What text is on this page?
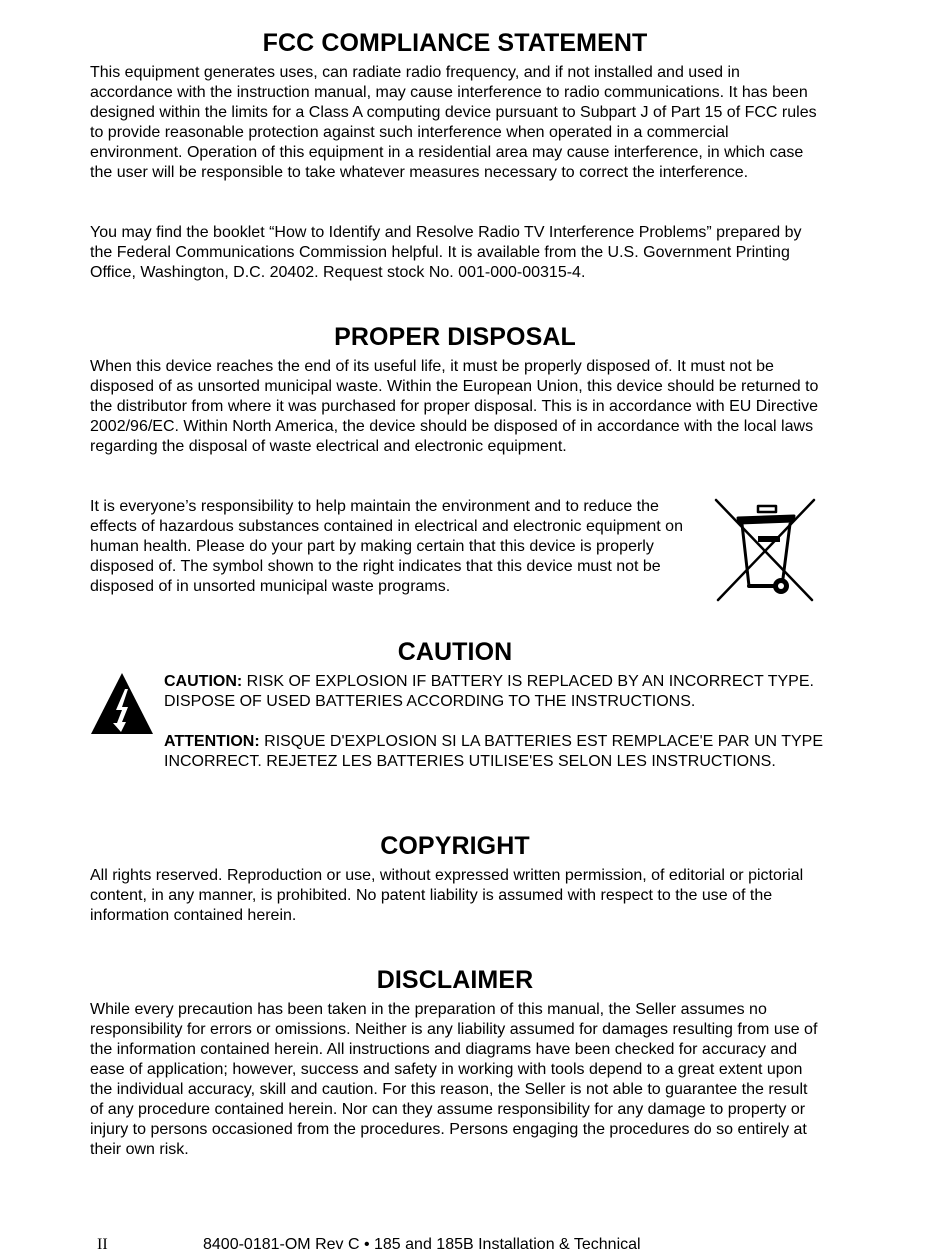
FCC COMPLIANCE STATEMENT

This equipment generates uses, can radiate radio frequency, and if not installed and used in accordance with the instruction manual, may cause interference to radio communications. It has been designed within the limits for a Class A computing device pursuant to Subpart J of Part 15 of FCC rules to provide reasonable protection against such interference when operated in a commercial environment. Operation of this equipment in a residential area may cause interference, in which case the user will be responsible to take whatever measures necessary to correct the interference.

You may find the booklet “How to Identify and Resolve Radio TV Interference Problems” prepared by the Federal Communications Commission helpful. It is available from the U.S. Government Printing Office, Washington, D.C. 20402. Request stock No. 001-000-00315-4.

PROPER DISPOSAL

When this device reaches the end of its useful life, it must be properly disposed of. It must not be disposed of as unsorted municipal waste. Within the European Union, this device should be returned to the distributor from where it was purchased for proper disposal. This is in accordance with EU Directive 2002/96/EC. Within North America, the device should be disposed of in accordance with the local laws regarding the disposal of waste electrical and electronic equipment.

It is everyone’s responsibility to help maintain the environment and to reduce the effects of hazardous substances contained in electrical and electronic equipment on human health. Please do your part by making certain that this device is properly disposed of. The symbol shown to the right indicates that this device must not be disposed of in unsorted municipal waste programs.

CAUTION

CAUTION: RISK OF EXPLOSION IF BATTERY IS REPLACED BY AN INCORRECT TYPE. DISPOSE OF USED BATTERIES ACCORDING TO THE INSTRUCTIONS.

ATTENTION: RISQUE D'EXPLOSION SI LA BATTERIES EST REMPLACE'E PAR UN TYPE INCORRECT. REJETEZ LES BATTERIES UTILISE'ES SELON LES INSTRUCTIONS.

COPYRIGHT

All rights reserved. Reproduction or use, without expressed written permission, of editorial or pictorial content, in any manner, is prohibited. No patent liability is assumed with respect to the use of the information contained herein.

DISCLAIMER

While every precaution has been taken in the preparation of this manual, the Seller assumes no responsibility for errors or omissions. Neither is any liability assumed for damages resulting from use of the information contained herein. All instructions and diagrams have been checked for accuracy and ease of application; however, success and safety in working with tools depend to a great extent upon the individual accuracy, skill and caution. For this reason, the Seller is not able to guarantee the result of any procedure contained herein. Nor can they assume responsibility for any damage to property or injury to persons occasioned from the procedures. Persons engaging the procedures do so entirely at their own risk.

II	8400-0181-OM Rev C • 185 and 185B Installation & Technical
